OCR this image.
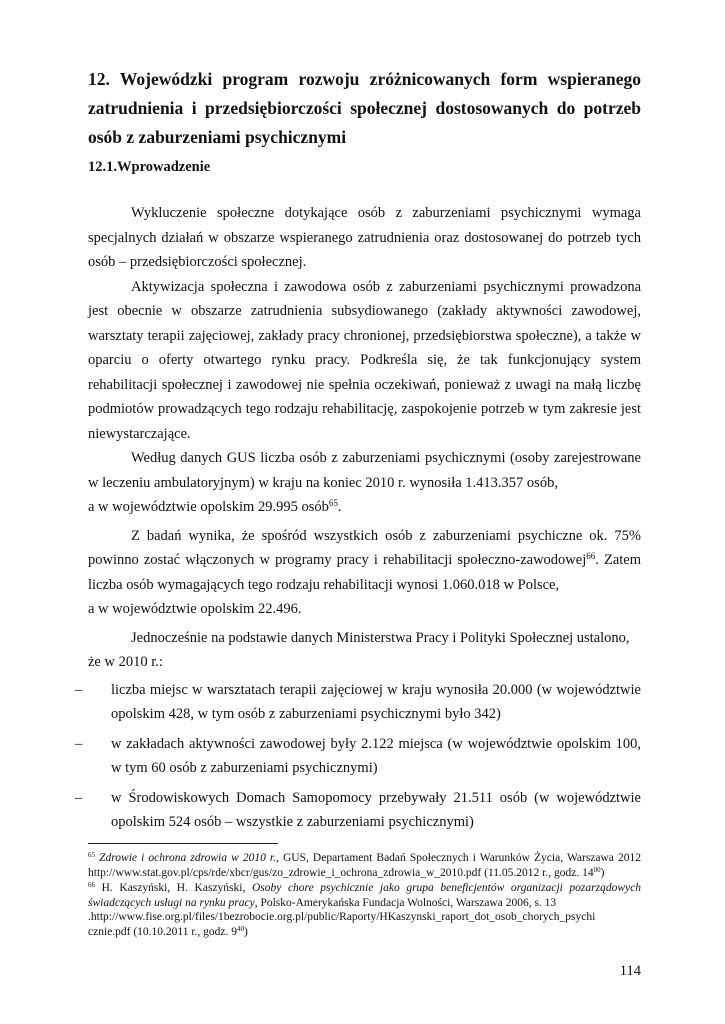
12. Wojewódzki program rozwoju zróżnicowanych form wspieranego zatrudnienia i przedsiębiorczości społecznej dostosowanych do potrzeb osób z zaburzeniami psychicznymi
12.1.Wprowadzenie

Wykluczenie społeczne dotykające osób z zaburzeniami psychicznymi wymaga specjalnych działań w obszarze wspieranego zatrudnienia oraz dostosowanej do potrzeb tych osób – przedsiębiorczości społecznej.

Aktywizacja społeczna i zawodowa osób z zaburzeniami psychicznymi prowadzona jest obecnie w obszarze zatrudnienia subsydiowanego (zakłady aktywności zawodowej, warsztaty terapii zajęciowej, zakłady pracy chronionej, przedsiębiorstwa społeczne), a także w oparciu o oferty otwartego rynku pracy. Podkreśla się, że tak funkcjonujący system rehabilitacji społecznej i zawodowej nie spełnia oczekiwań, ponieważ z uwagi na małą liczbę podmiotów prowadzących tego rodzaju rehabilitację, zaspokojenie potrzeb w tym zakresie jest niewystarczające.

Według danych GUS liczba osób z zaburzeniami psychicznymi (osoby zarejestrowane w leczeniu ambulatoryjnym) w kraju na koniec 2010 r. wynosiła 1.413.357 osób,

a w województwie opolskim 29.995 osób$^{65}$.

Z badań wynika, że spośród wszystkich osób z zaburzeniami psychiczne ok. 75% powinno zostać włączonych w programy pracy i rehabilitacji społeczno-zawodowej$^{66}$. Zatem liczba osób wymagających tego rodzaju rehabilitacji wynosi 1.060.018 w Polsce,

a w województwie opolskim 22.496.

Jednocześnie na podstawie danych Ministerstwa Pracy i Polityki Społecznej ustalono,

że w 2010 r.:

– liczba miejsc w warsztatach terapii zajęciowej w kraju wynosiła 20.000 (w województwie opolskim 428, w tym osób z zaburzeniami psychicznymi było 342)
– w zakładach aktywności zawodowej były 2.122 miejsca (w województwie opolskim 100, w tym 60 osób z zaburzeniami psychicznymi)
– w Środowiskowych Domach Samopomocy przebywały 21.511 osób (w województwie opolskim 524 osób – wszystkie z zaburzeniami psychicznymi)

$^{65}$ Zdrowie i ochrona zdrowia w 2010 r., GUS, Departament Badań Społecznych i Warunków Życia, Warszawa 2012 http://www.stat.gov.pl/cps/rde/xbcr/gus/zo_zdrowie_i_ochrona_zdrowia_w_2010.pdf (11.05.2012 r., godz. 14$^{00}$)

$^{66}$ H. Kaszyński, H. Kaszyński, Osoby chore psychicznie jako grupa beneficjentów organizacji pozarządowych świadczących usługi na rynku pracy, Polsko-Amerykańska Fundacja Wolności, Warszawa 2006, s. 13
.http://www.fise.org.pl/files/1bezrobocie.org.pl/public/Raporty/HKaszynski_raport_dot_osob_chorych_psychi
cznie.pdf (10.10.2011 r., godz. 9$^{40}$)

114
